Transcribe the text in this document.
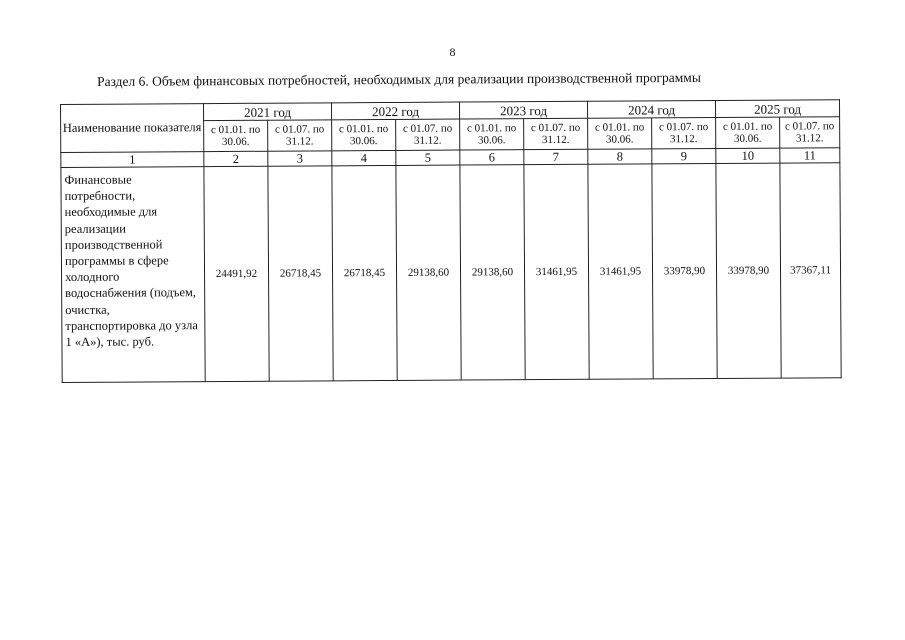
8
Раздел 6. Объем финансовых потребностей, необходимых для реализации производственной программы
Наименование показателя	2021 год		2022 год		2023 год		2024 год		2025 год	
	с 01.01. по 30.06.	с 01.07. по 31.12.	с 01.01. по 30.06.	с 01.07. по 31.12.	с 01.01. по 30.06.	с 01.07. по 31.12.	с 01.01. по 30.06.	с 01.07. по 31.12.	с 01.01. по 30.06.	с 01.07. по 31.12.
1	2	3	4	5	6	7	8	9	10	11
Финансовые потребности, необходимые для реализации производственной программы в сфере холодного водоснабжения (подъем, очистка, транспортировка до узла 1 «А»), тыс. руб.	24491,92	26718,45	26718,45	29138,60	29138,60	31461,95	31461,95	33978,90	33978,90	37367,11
